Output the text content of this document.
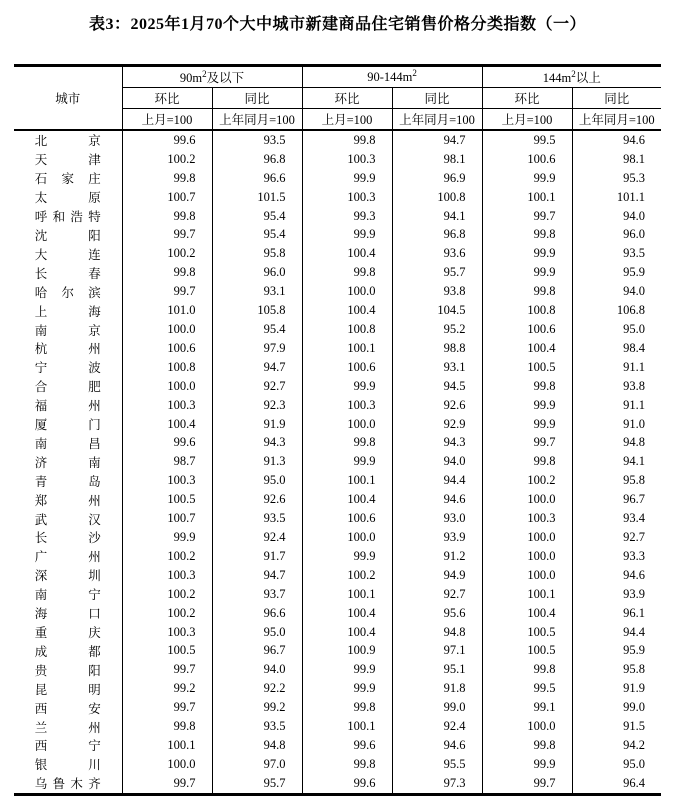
表3：2025年1月70个大中城市新建商品住宅销售价格分类指数（一）
城市	$90m^2$及以下		$90-144m^2$		$144m^2$以上	
	环比	同比	环比	同比	环比	同比
	上月=100	上年同月=100	上月=100	上年同月=100	上月=100	上年同月=100
北京	99.6	93.5	99.8	94.7	99.5	94.6
天津	100.2	96.8	100.3	98.1	100.6	98.1
石家庄	99.8	96.6	99.9	96.9	99.9	95.3
太原	100.7	101.5	100.3	100.8	100.1	101.1
呼和浩特	99.8	95.4	99.3	94.1	99.7	94.0
沈阳	99.7	95.4	99.9	96.8	99.8	96.0
大连	100.2	95.8	100.4	93.6	99.9	93.5
长春	99.8	96.0	99.8	95.7	99.9	95.9
哈尔滨	99.7	93.1	100.0	93.8	99.8	94.0
上海	101.0	105.8	100.4	104.5	100.8	106.8
南京	100.0	95.4	100.8	95.2	100.6	95.0
杭州	100.6	97.9	100.1	98.8	100.4	98.4
宁波	100.8	94.7	100.6	93.1	100.5	91.1
合肥	100.0	92.7	99.9	94.5	99.8	93.8
福州	100.3	92.3	100.3	92.6	99.9	91.1
厦门	100.4	91.9	100.0	92.9	99.9	91.0
南昌	99.6	94.3	99.8	94.3	99.7	94.8
济南	98.7	91.3	99.9	94.0	99.8	94.1
青岛	100.3	95.0	100.1	94.4	100.2	95.8
郑州	100.5	92.6	100.4	94.6	100.0	96.7
武汉	100.7	93.5	100.6	93.0	100.3	93.4
长沙	99.9	92.4	100.0	93.9	100.0	92.7
广州	100.2	91.7	99.9	91.2	100.0	93.3
深圳	100.3	94.7	100.2	94.9	100.0	94.6
南宁	100.2	93.7	100.1	92.7	100.1	93.9
海口	100.2	96.6	100.4	95.6	100.4	96.1
重庆	100.3	95.0	100.4	94.8	100.5	94.4
成都	100.5	96.7	100.9	97.1	100.5	95.9
贵阳	99.7	94.0	99.9	95.1	99.8	95.8
昆明	99.2	92.2	99.9	91.8	99.5	91.9
西安	99.7	99.2	99.8	99.0	99.1	99.0
兰州	99.8	93.5	100.1	92.4	100.0	91.5
西宁	100.1	94.8	99.6	94.6	99.8	94.2
银川	100.0	97.0	99.8	95.5	99.9	95.0
乌鲁木齐	99.7	95.7	99.6	97.3	99.7	96.4
